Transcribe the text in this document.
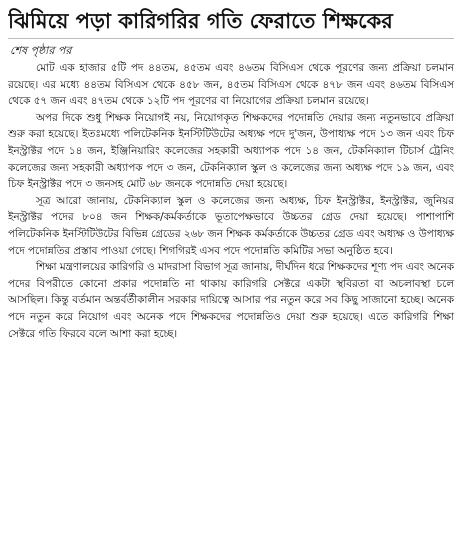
ঝিমিয়ে পড়া কারিগরির গতি ফেরাতে শিক্ষকের
শেষ পৃষ্ঠার পর

মোট এক হাজার ৫টি পদ ৪৪তম, ৪৫তম এবং ৪৬তম বিসিএস থেকে পূরণের জন্য প্রক্রিয়া চলমান রয়েছে। এর মধ্যে ৪৪তম বিসিএস থেকে ৪৫৮ জন, ৪৫তম বিসিএস থেকে ৪৭৮ জন এবং ৪৬তম বিসিএস থেকে ৫৭ জন এবং ৪৭তম থেকে ১২টি পদ পূরণের বা নিয়োগের প্রক্রিয়া চলমান রয়েছে।

অপর দিকে শুধু শিক্ষক নিয়োগই নয়, নিয়োগকৃত শিক্ষকদের পদোন্নতি দেয়ার জন্য নতুনভাবে প্রক্রিয়া শুরু করা হয়েছে। ইতঃমধ্যে পলিটেকনিক ইনস্টিটিউটের অধ্যক্ষ পদে দু'জন, উপাধ্যক্ষ পদে ১৩ জন এবং চিফ ইনস্ট্রাক্টর পদে ১৪ জন, ইঞ্জিনিয়ারিং কলেজের সহকারী অধ্যাপক পদে ১৪ জন, টেকনিক্যাল টিচার্স ট্রেনিং কলেজের জন্য সহকারী অধ্যাপক পদে ৩ জন, টেকনিক্যাল স্কুল ও কলেজের জন্য অধ্যক্ষ পদে ১৯ জন, এবং চিফ ইনস্ট্রাক্টর পদে ৩ জনসহ মোট ৬৮ জনকে পদোন্নতি দেয়া হয়েছে।

সূত্র আরো জানায়, টেকনিক্যাল স্কুল ও কলেজের জন্য অধ্যক্ষ, চিফ ইনস্ট্রাক্টর, ইনস্ট্রাক্টর, জুনিয়র ইনস্ট্রাক্টর পদের ৮০৪ জন শিক্ষক/কর্মকর্তাকে ভূতাপেক্ষভাবে উচ্চতর গ্রেড দেয়া হয়েছে। পাশাপাশি পলিটেকনিক ইনস্টিটিউটের বিভিন্ন গ্রেডের ২৬৮ জন শিক্ষক কর্মকর্তাকে উচ্চতর গ্রেড এবং অধ্যক্ষ ও উপাধ্যক্ষ পদে পদোন্নতির প্রস্তাব পাওয়া গেছে। শিগগিরই এসব পদে পদোন্নতি কমিটির সভা অনুষ্ঠিত হবে।

শিক্ষা মন্ত্রণালয়ের কারিগরি ও মাদরাসা বিভাগ সূত্র জানায়, দীর্ঘদিন ধরে শিক্ষকদের শূণ্য পদ এবং অনেক পদের বিপরীতে কোনো প্রকার পদোন্নতি না থাকায় কারিগরি সেক্টরে একটা স্থবিরতা বা অচলাবস্থা চলে আসছিল। কিন্তু বর্তমান অন্তর্বর্তীকালীন সরকার দায়িত্বে আসার পর নতুন করে সব কিছু সাজানো হচ্ছে। অনেক পদে নতুন করে নিয়োগ এবং অনেক পদে শিক্ষকদের পদোন্নতিও দেয়া শুরু হয়েছে। এতে কারিগরি শিক্ষা সেক্টরে গতি ফিরবে বলে আশা করা হচ্ছে।
